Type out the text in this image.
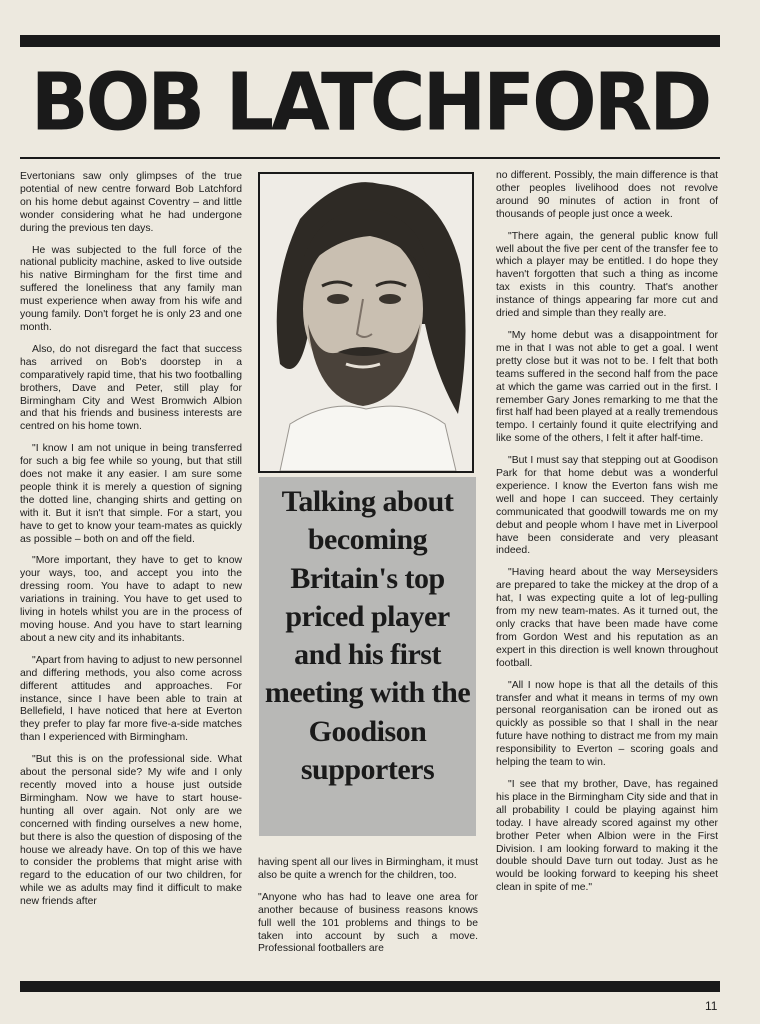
BOB LATCHFORD

Evertonians saw only glimpses of the true potential of new centre forward Bob Latchford on his home debut against Coventry – and little wonder considering what he had undergone during the previous ten days.

He was subjected to the full force of the national publicity machine, asked to live outside his native Birmingham for the first time and suffered the loneliness that any family man must experience when away from his wife and young family. Don't forget he is only 23 and one month.

Also, do not disregard the fact that success has arrived on Bob's doorstep in a comparatively rapid time, that his two footballing brothers, Dave and Peter, still play for Birmingham City and West Bromwich Albion and that his friends and business interests are centred on his home town.

"I know I am not unique in being transferred for such a big fee while so young, but that still does not make it any easier. I am sure some people think it is merely a question of signing the dotted line, changing shirts and getting on with it. But it isn't that simple. For a start, you have to get to know your team-mates as quickly as possible – both on and off the field.

"More important, they have to get to know your ways, too, and accept you into the dressing room. You have to adapt to new variations in training. You have to get used to living in hotels whilst you are in the process of moving house. And you have to start learning about a new city and its inhabitants.

"Apart from having to adjust to new personnel and differing methods, you also come across different attitudes and approaches. For instance, since I have been able to train at Bellefield, I have noticed that here at Everton they prefer to play far more five-a-side matches than I experienced with Birmingham.

"But this is on the professional side. What about the personal side? My wife and I only recently moved into a house just outside Birmingham. Now we have to start house-hunting all over again. Not only are we concerned with finding ourselves a new home, but there is also the question of disposing of the house we already have. On top of this we have to consider the problems that might arise with regard to the education of our two children, for while we as adults may find it difficult to make new friends after

Talking about becoming Britain's top priced player and his first meeting with the Goodison supporters

having spent all our lives in Birmingham, it must also be quite a wrench for the children, too.

"Anyone who has had to leave one area for another because of business reasons knows full well the 101 problems and things to be taken into account by such a move. Professional footballers are

no different. Possibly, the main difference is that other peoples livelihood does not revolve around 90 minutes of action in front of thousands of people just once a week.

"There again, the general public know full well about the five per cent of the transfer fee to which a player may be entitled. I do hope they haven't forgotten that such a thing as income tax exists in this country. That's another instance of things appearing far more cut and dried and simple than they really are.

"My home debut was a disappointment for me in that I was not able to get a goal. I went pretty close but it was not to be. I felt that both teams suffered in the second half from the pace at which the game was carried out in the first. I remember Gary Jones remarking to me that the first half had been played at a really tremendous tempo. I certainly found it quite electrifying and like some of the others, I felt it after half-time.

"But I must say that stepping out at Goodison Park for that home debut was a wonderful experience. I know the Everton fans wish me well and hope I can succeed. They certainly communicated that goodwill towards me on my debut and people whom I have met in Liverpool have been considerate and very pleasant indeed.

"Having heard about the way Merseysiders are prepared to take the mickey at the drop of a hat, I was expecting quite a lot of leg-pulling from my new team-mates. As it turned out, the only cracks that have been made have come from Gordon West and his reputation as an expert in this direction is well known throughout football.

"All I now hope is that all the details of this transfer and what it means in terms of my own personal reorganisation can be ironed out as quickly as possible so that I shall in the near future have nothing to distract me from my main responsibility to Everton – scoring goals and helping the team to win.

"I see that my brother, Dave, has regained his place in the Birmingham City side and that in all probability I could be playing against him today. I have already scored against my other brother Peter when Albion were in the First Division. I am looking forward to making it the double should Dave turn out today. Just as he would be looking forward to keeping his sheet clean in spite of me."

11
